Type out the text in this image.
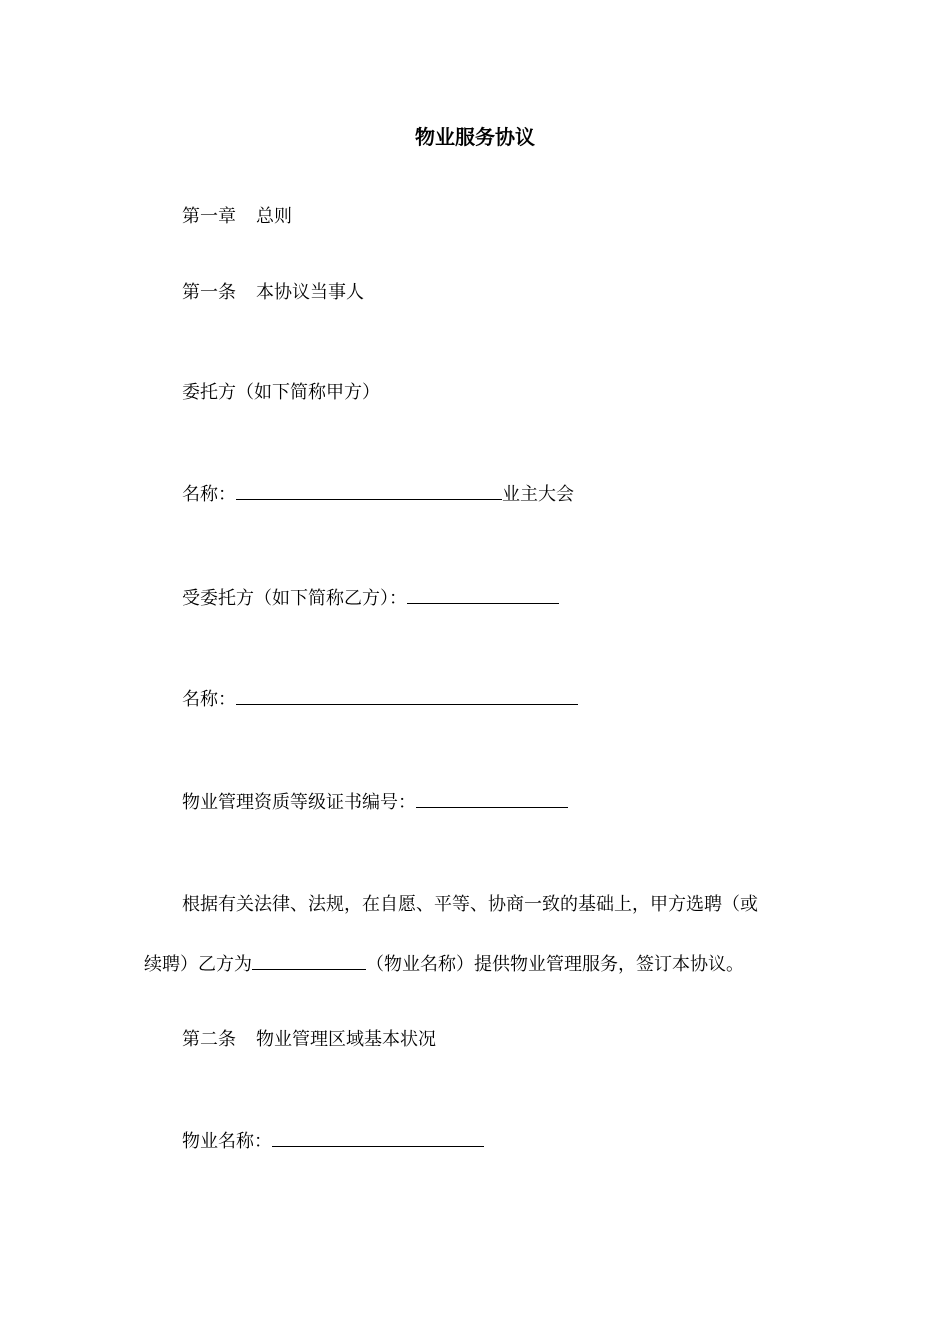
物业服务协议
第一章 总则
第一条 本协议当事人
委托方（如下简称甲方）
名称：	业主大会
受委托方（如下简称乙方）：
名称：
物业管理资质等级证书编号：
根据有关法律、法规，在自愿、平等、协商一致的基础上，甲方选聘（或
续聘）乙方为	（物业名称）提供物业管理服务，签订本协议。
第二条 物业管理区域基本状况
物业名称：
